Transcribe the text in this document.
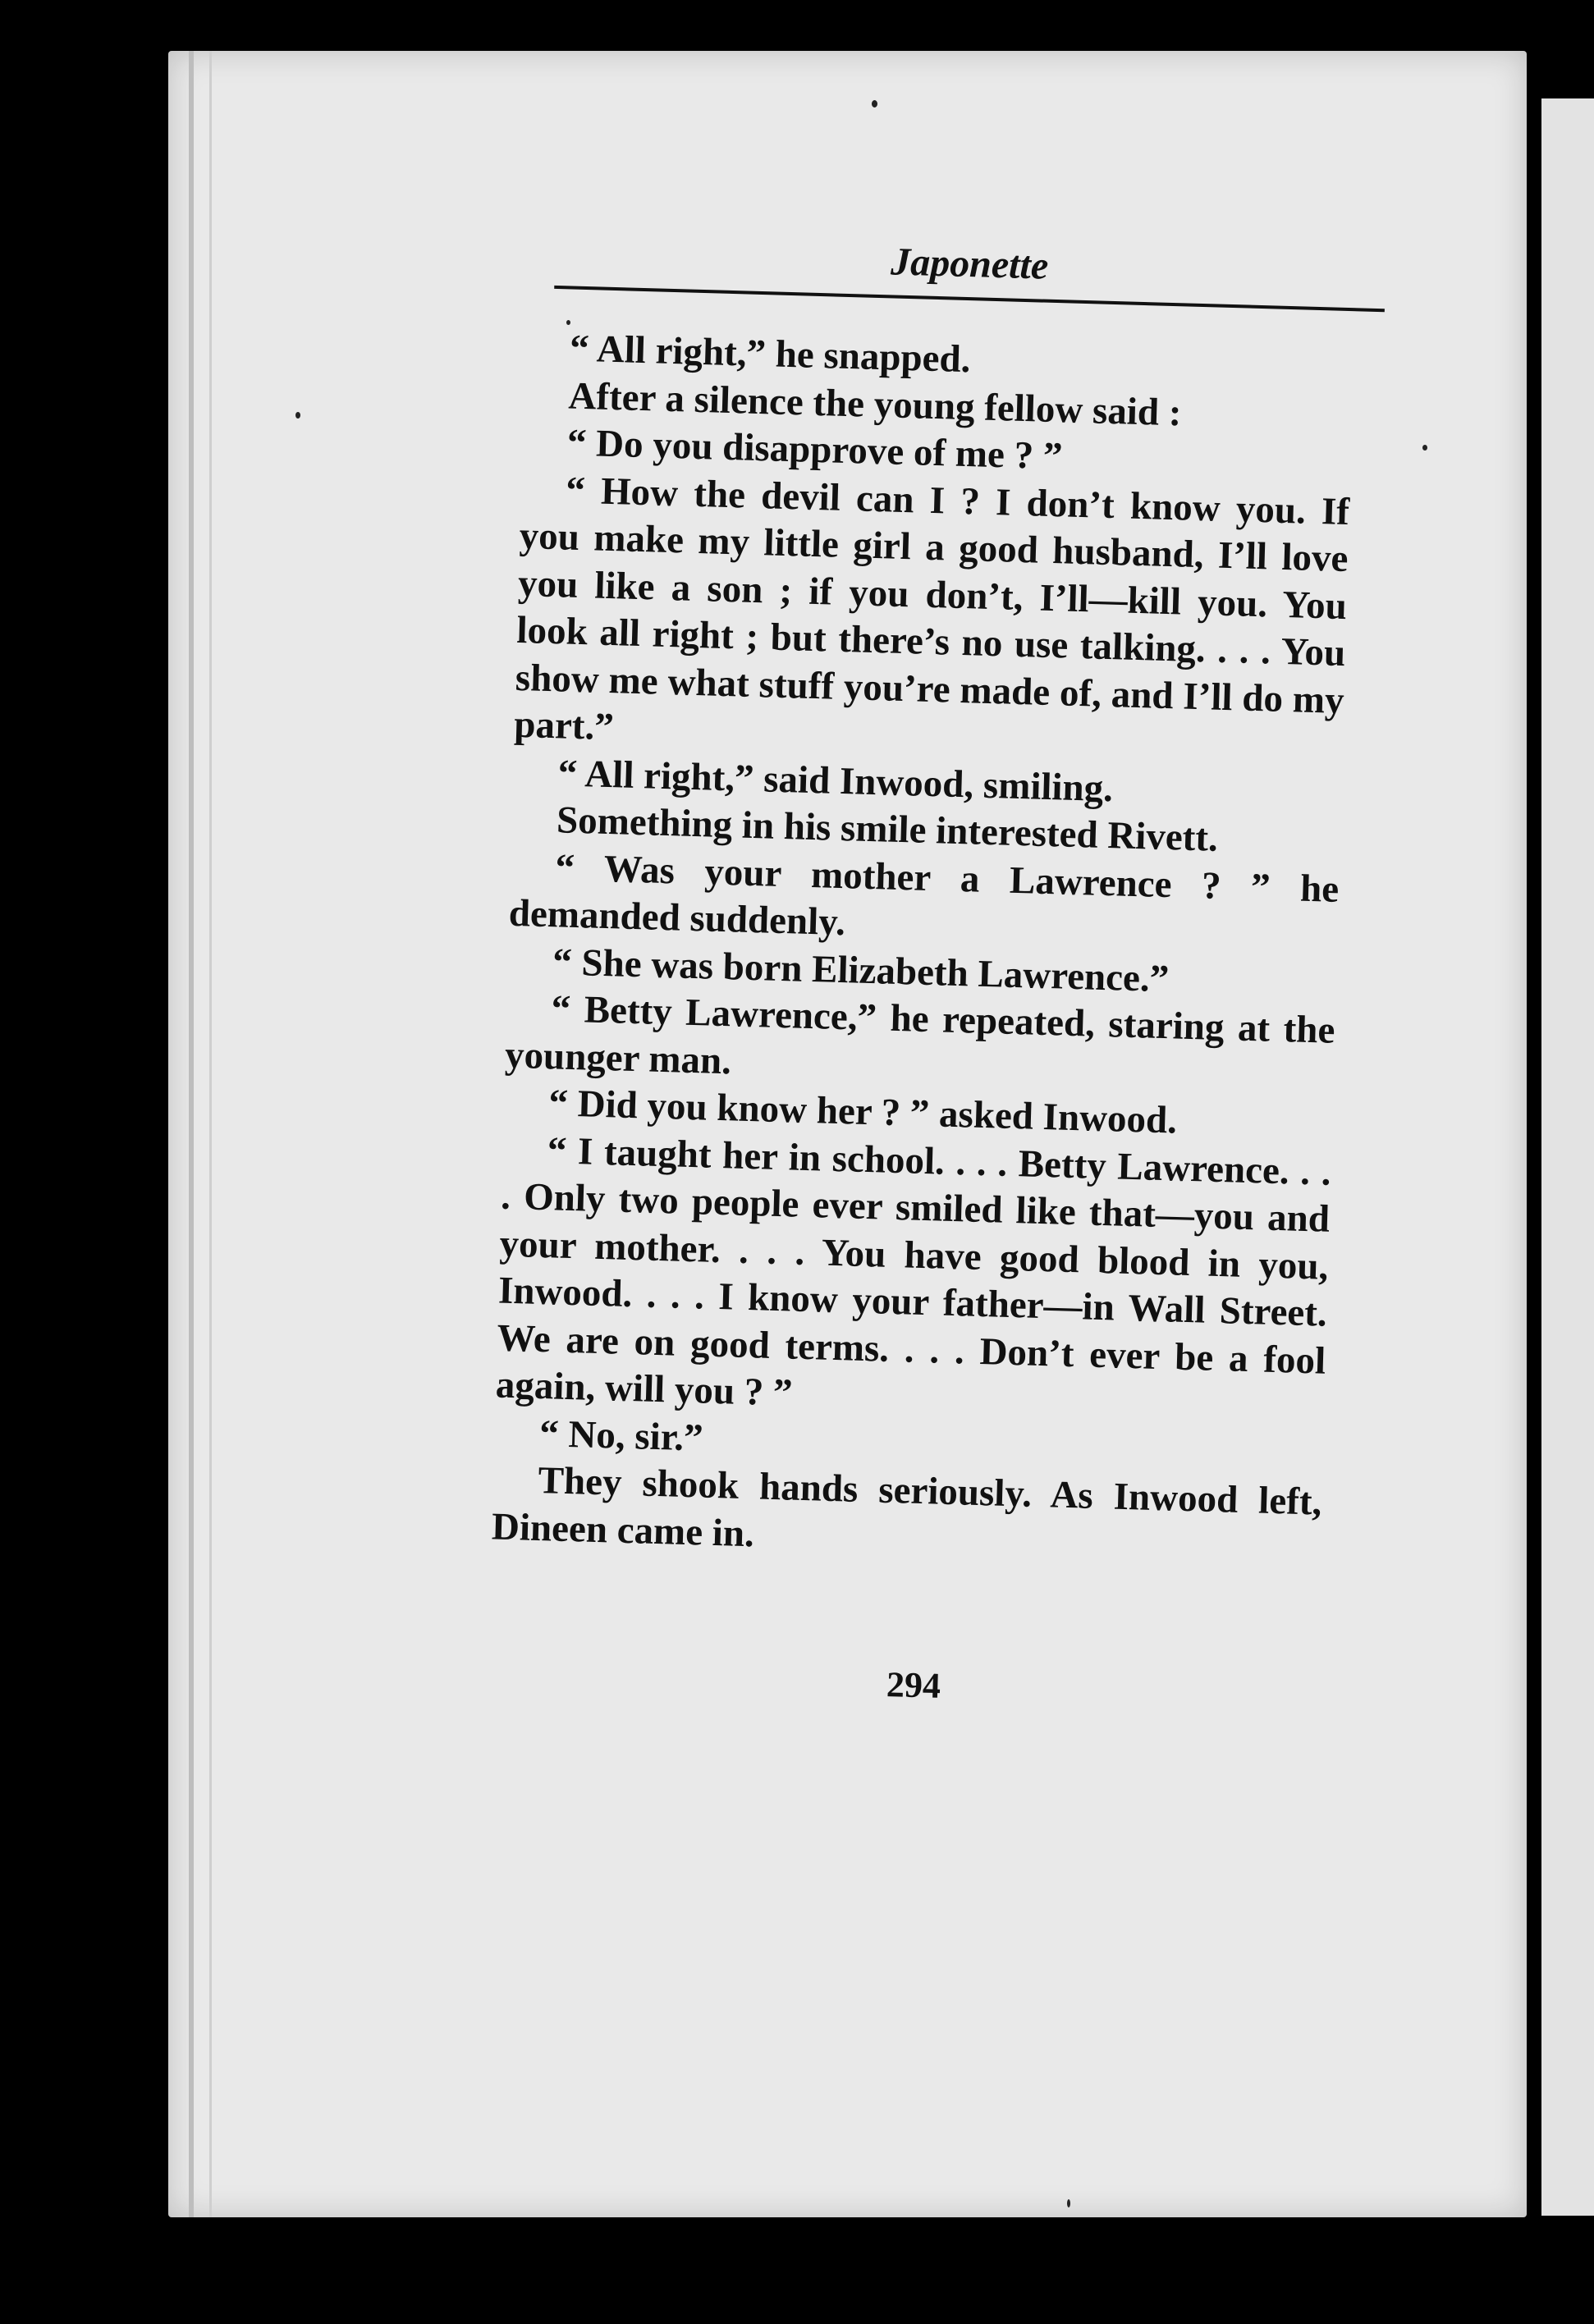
Japonette

“ All right,” he snapped.

After a silence the young fellow said :

“ Do you disapprove of me ? ”

“ How the devil can I ? I don’t know you. If you make my little girl a good husband, I’ll love you like a son ; if you don’t, I’ll—kill you. You look all right ; but there’s no use talking. . . . You show me what stuff you’re made of, and I’ll do my part.”

“ All right,” said Inwood, smiling.

Something in his smile interested Rivett.

“ Was your mother a Lawrence ? ” he demanded suddenly.

“ She was born Elizabeth Lawrence.”

“ Betty Lawrence,” he repeated, staring at the younger man.

“ Did you know her ? ” asked Inwood.

“ I taught her in school. . . . Betty Lawrence. . . . Only two people ever smiled like that—you and your mother. . . . You have good blood in you, Inwood. . . . I know your father—in Wall Street. We are on good terms. . . . Don’t ever be a fool again, will you ? ”

“ No, sir.”

They shook hands seriously. As Inwood left, Dineen came in.

294
